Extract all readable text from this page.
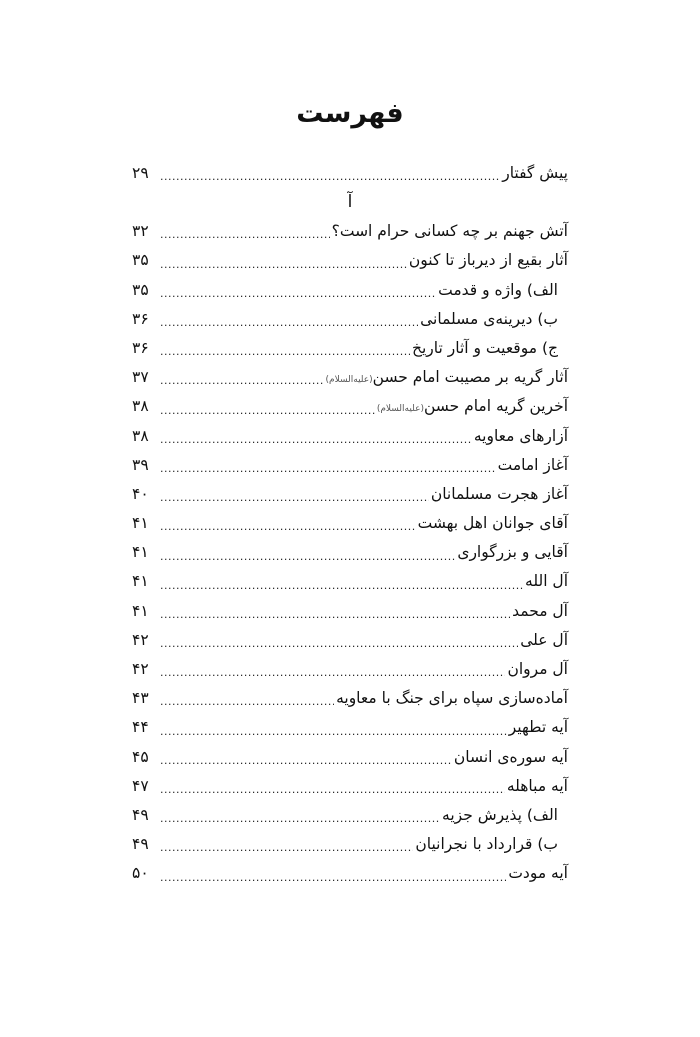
فهرست
پیش گفتار
.....
۲۹
آ
آتش جهنم بر چه کسانی حرام است؟
.....
۳۲
آثار بقیع از دیرباز تا کنون
.....
۳۵
الف) واژه و قدمت
.....
۳۵
ب) دیرینه‌ی مسلمانی
.....
۳۶
ج) موقعیت و آثار تاریخ
.....
۳۶
آثار گریه بر مصیبت امام حسن(علیه‌السلام)
.....
۳۷
آخرین گریه امام حسن(علیه‌السلام)
.....
۳۸
آزارهای معاویه
.....
۳۸
آغاز امامت
.....
۳۹
آغاز هجرت مسلمانان
.....
۴۰
آقای جوانان اهل بهشت
.....
۴۱
آقایی و بزرگواری
.....
۴۱
آل الله
.....
۴۱
آل محمد
.....
۴۱
آل علی
.....
۴۲
آل مروان
.....
۴۲
آماده‌سازی سپاه برای جنگ با معاویه
.....
۴۳
آیه تطهیر
.....
۴۴
آیه سوره‌ی انسان
.....
۴۵
آیه مباهله
.....
۴۷
الف) پذیرش جزیه
.....
۴۹
ب) قرارداد با نجرانیان
.....
۴۹
آیه مودت
.....
۵۰
